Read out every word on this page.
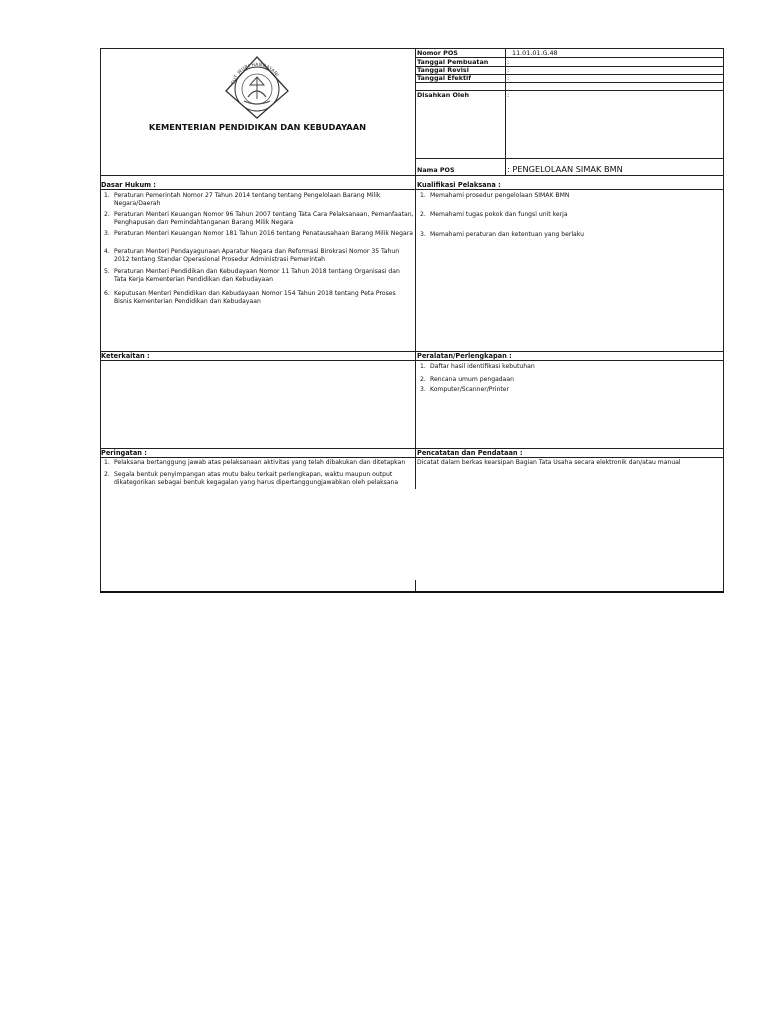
TUT WURI HANDAYANI
KEMENTERIAN PENDIDIKAN DAN KEBUDAYAAN
Nomor POS	11.01.01.G.48
Tanggal Pembuatan	:
Tanggal Revisi	:
Tanggal Efektif	:
Disahkan Oleh	:
Nama POS	: PENGELOLAAN SIMAK BMN
Dasar Hukum :
1. Peraturan Pemerintah Nomor 27 Tahun 2014 tentang tentang Pengelolaan Barang Milik Negara/Daerah
2. Peraturan Menteri Keuangan Nomor 96 Tahun 2007 tentang Tata Cara Pelaksanaan, Pemanfaatan, Penghapusan dan Pemindahtanganan Barang Milik Negara
3. Peraturan Menteri Keuangan Nomor 181 Tahun 2016 tentang Penatausahaan Barang Milik Negara
4. Peraturan Menteri Pendayagunaan Aparatur Negara dan Reformasi Birokrasi Nomor 35 Tahun 2012 tentang Standar Operasional Prosedur Administrasi Pemerintah
5. Peraturan Menteri Pendidikan dan Kebudayaan Nomor 11 Tahun 2018 tentang Organisasi dan Tata Kerja Kementerian Pendidikan dan Kebudayaan
6. Keputusan Menteri Pendidikan dan Kebudayaan Nomor 154 Tahun 2018 tentang Peta Proses Bisnis Kementerian Pendidikan dan Kebudayaan
Kualifikasi Pelaksana :
1. Memahami prosedur pengelolaan SIMAK BMN
2. Memahami tugas pokok dan fungsi unit kerja
3. Memahami peraturan dan ketentuan yang berlaku
Keterkaitan :	Peralatan/Perlengkapan :
1. Daftar hasil identifikasi kebutuhan
2. Rencana umum pengadaan
3. Komputer/Scanner/Printer
Peringatan :
1. Pelaksana bertanggung jawab atas pelaksanaan aktivitas yang telah dibakukan dan ditetapkan
2. Segala bentuk penyimpangan atas mutu baku terkait perlengkapan, waktu maupun output dikategorikan sebagai bentuk kegagalan yang harus dipertanggungjawabkan oleh pelaksana
Pencatatan dan Pendataan :
Dicatat dalam berkas kearsipan Bagian Tata Usaha secara elektronik dan/atau manual
